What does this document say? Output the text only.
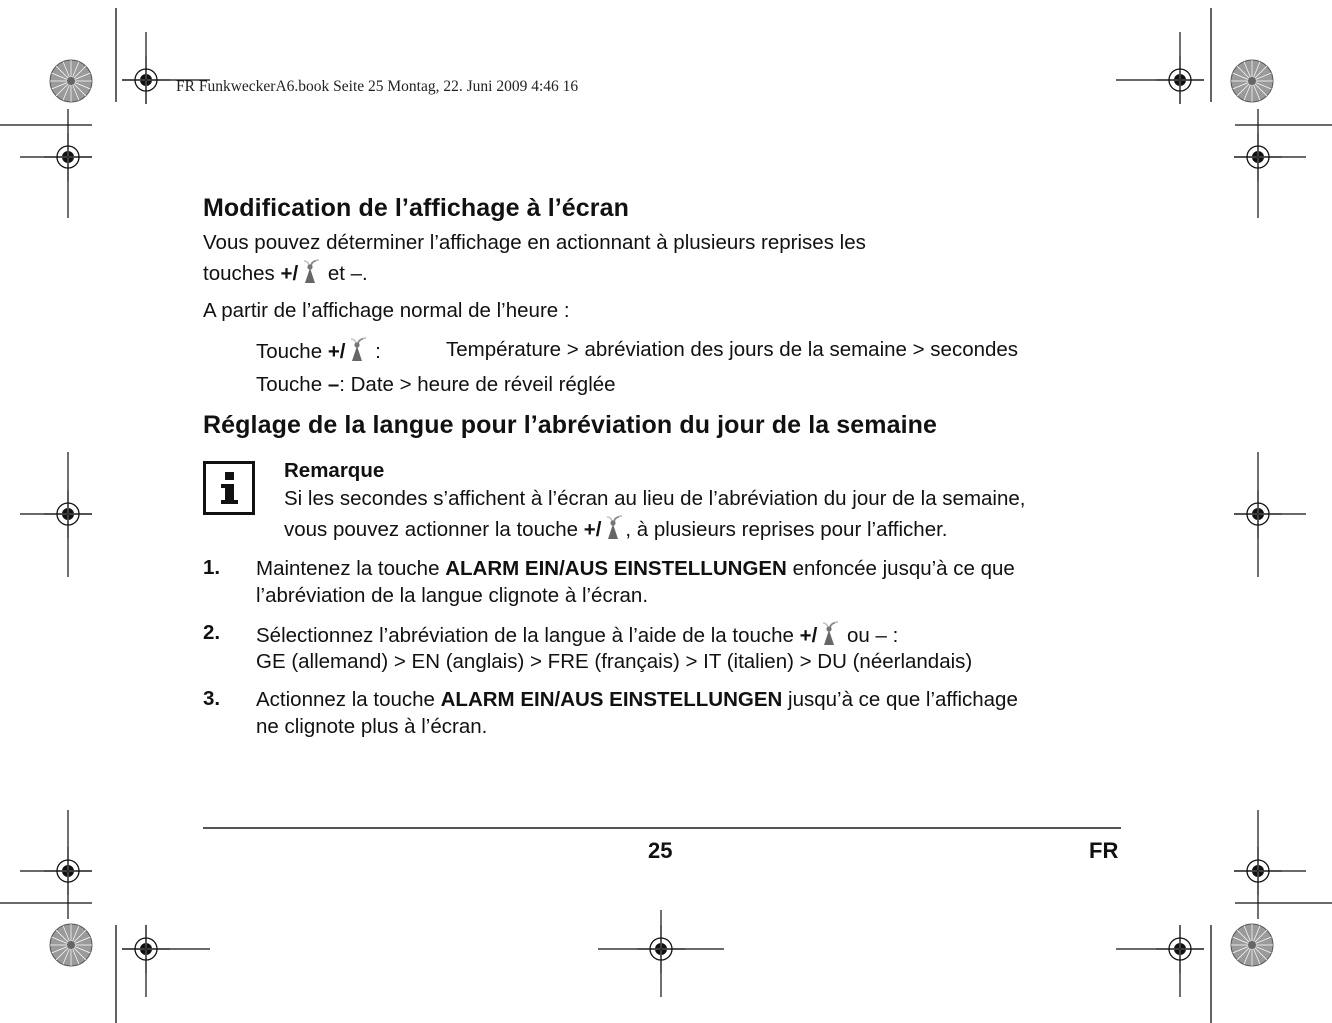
FR FunkweckerA6.book Seite 25 Montag, 22. Juni 2009 4:46 16
Modification de l’affichage à l’écran
Vous pouvez déterminer l’affichage en actionnant à plusieurs reprises les
touches +/ et –.
A partir de l’affichage normal de l’heure :
Touche +/ :	Température > abréviation des jours de la semaine > secondes
Touche –: Date > heure de réveil réglée
Réglage de la langue pour l’abréviation du jour de la semaine
Remarque
Si les secondes s’affichent à l’écran au lieu de l’abréviation du jour de la semaine,
vous pouvez actionner la touche +/ , à plusieurs reprises pour l’afficher.
1. Maintenez la touche ALARM EIN/AUS EINSTELLUNGEN enfoncée jusqu’à ce que
l’abréviation de la langue clignote à l’écran.
2. Sélectionnez l’abréviation de la langue à l’aide de la touche +/ ou – :
GE (allemand) > EN (anglais) > FRE (français) > IT (italien) > DU (néerlandais)
3. Actionnez la touche ALARM EIN/AUS EINSTELLUNGEN jusqu’à ce que l’affichage
ne clignote plus à l’écran.
25	FR
